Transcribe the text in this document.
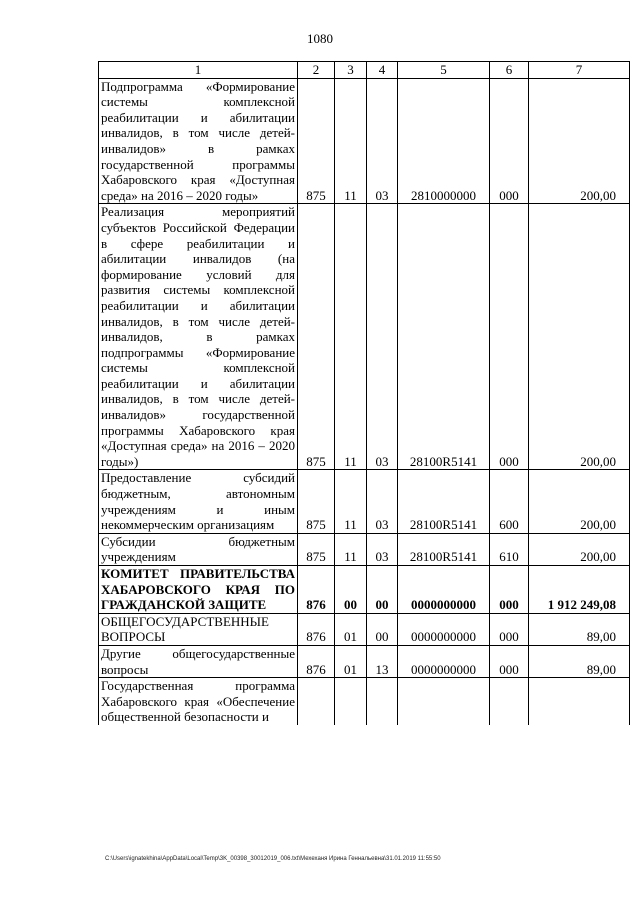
1080
1	2	3	4	5	6	7
Подпрограмма «Формирование системы комплексной реабилитации и абилитации инвалидов, в том числе детей-инвалидов» в рамках государственной программы Хабаровского края «Доступная среда» на 2016 – 2020 годы»	875	11	03	2810000000	000	200,00
Реализация мероприятий субъектов Российской Федерации в сфере реабилитации и абилитации инвалидов (на формирование условий для развития системы комплексной реабилитации и абилитации инвалидов, в том числе детей-инвалидов, в рамках подпрограммы «Формирование системы комплексной реабилитации и абилитации инвалидов, в том числе детей-инвалидов» государственной программы Хабаровского края «Доступная среда» на 2016 – 2020 годы»)	875	11	03	28100R5141	000	200,00
Предоставление субсидий бюджетным, автономным учреждениям и иным некоммерческим организациям	875	11	03	28100R5141	600	200,00
Субсидии бюджетным учреждениям	875	11	03	28100R5141	610	200,00
КОМИТЕТ ПРАВИТЕЛЬСТВА ХАБАРОВСКОГО КРАЯ ПО ГРАЖДАНСКОЙ ЗАЩИТЕ	876	00	00	0000000000	000	1 912 249,08
ОБЩЕГОСУДАРСТВЕННЫЕ ВОПРОСЫ	876	01	00	0000000000	000	89,00
Другие общегосударственные вопросы	876	01	13	0000000000	000	89,00
Государственная программа Хабаровского края «Обеспечение общественной безопасности и						
C:\Users\ignatekhina\AppData\Local\Temp\3K_00398_30012019_006.txt\Мехеханя Ирина Геннальевна\31.01.2019 11:55:50
